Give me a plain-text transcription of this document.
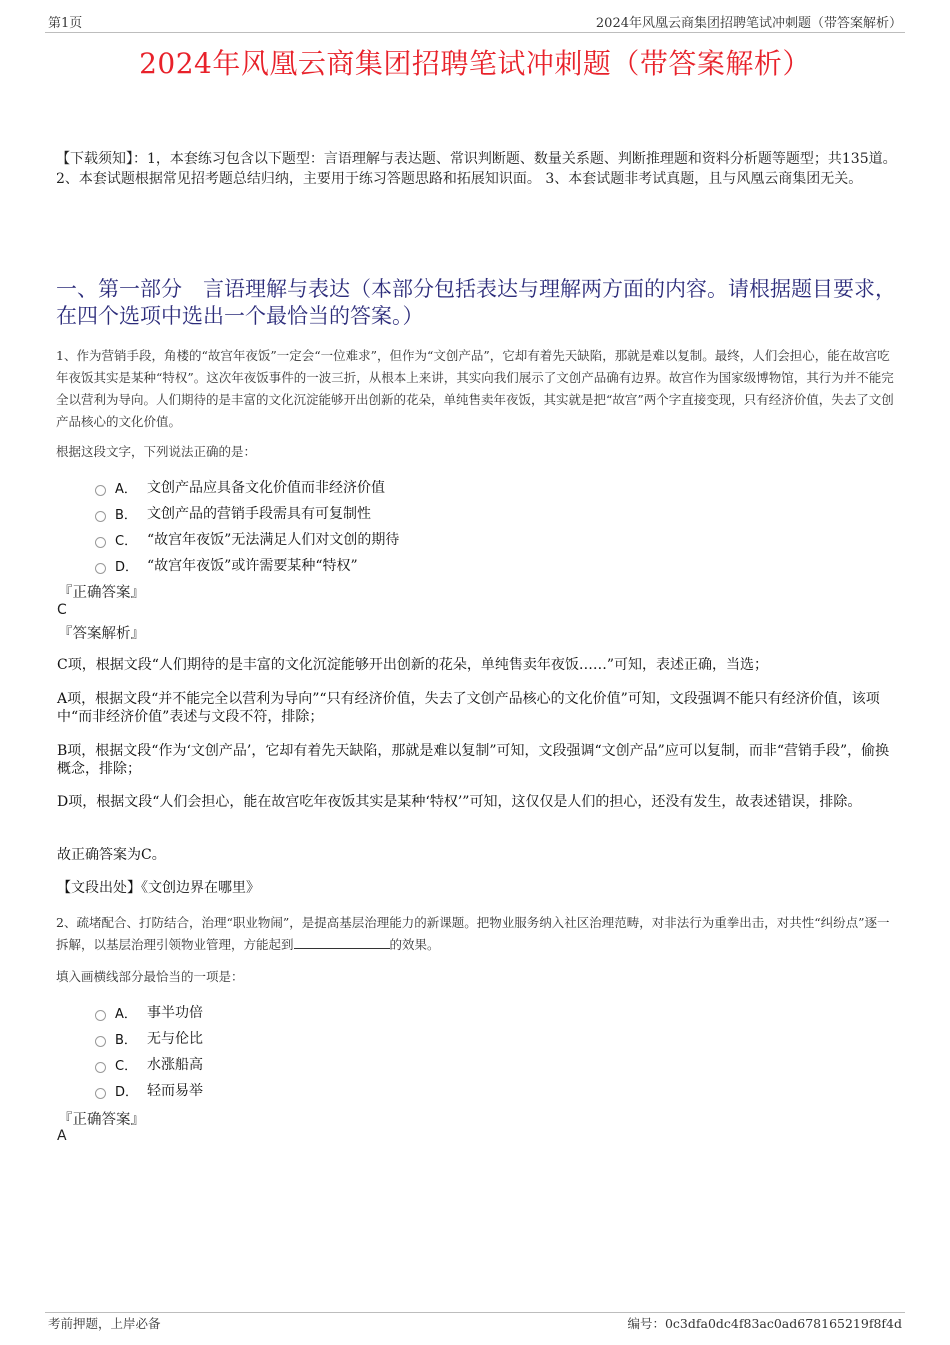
第1页	2024年风凰云商集团招聘笔试冲刺题（带答案解析）
2024年风凰云商集团招聘笔试冲刺题（带答案解析）
【下载须知】：1，本套练习包含以下题型：言语理解与表达题、常识判断题、数量关系题、判断推理题和资料分析题等题型；共135道。 2、本套试题根据常见招考题总结归纳，主要用于练习答题思路和拓展知识面。 3、本套试题非考试真题，且与风凰云商集团无关。
一、第一部分　言语理解与表达（本部分包括表达与理解两方面的内容。请根据题目要求，在四个选项中选出一个最恰当的答案。）
1、作为营销手段，角楼的“故宫年夜饭”一定会“一位难求”，但作为“文创产品”，它却有着先天缺陷，那就是难以复制。最终，人们会担心，能在故宫吃年夜饭其实是某种“特权”。这次年夜饭事件的一波三折，从根本上来讲，其实向我们展示了文创产品确有边界。故宫作为国家级博物馆，其行为并不能完全以营利为导向。人们期待的是丰富的文化沉淀能够开出创新的花朵，单纯售卖年夜饭，其实就是把“故宫”两个字直接变现，只有经济价值，失去了文创产品核心的文化价值。
根据这段文字，下列说法正确的是：
A． 文创产品应具备文化价值而非经济价值
B． 文创产品的营销手段需具有可复制性
C． “故宫年夜饭”无法满足人们对文创的期待
D． “故宫年夜饭”或许需要某种“特权”
『正确答案』
C
『答案解析』
C项，根据文段“人们期待的是丰富的文化沉淀能够开出创新的花朵，单纯售卖年夜饭……”可知，表述正确，当选；
A项，根据文段“并不能完全以营利为导向”“只有经济价值，失去了文创产品核心的文化价值”可知，文段强调不能只有经济价值，该项中“而非经济价值”表述与文段不符，排除；
B项，根据文段“作为‘文创产品’，它却有着先天缺陷，那就是难以复制”可知，文段强调“文创产品”应可以复制，而非“营销手段”，偷换概念，排除；
D项，根据文段“人们会担心，能在故宫吃年夜饭其实是某种‘特权’”可知，这仅仅是人们的担心，还没有发生，故表述错误，排除。
故正确答案为C。
【文段出处】《文创边界在哪里》
2、疏堵配合、打防结合，治理“职业物闹”，是提高基层治理能力的新课题。把物业服务纳入社区治理范畴，对非法行为重拳出击，对共性“纠纷点”逐一拆解，以基层治理引领物业管理，方能起到	的效果。
填入画横线部分最恰当的一项是：
A． 事半功倍
B． 无与伦比
C． 水涨船高
D． 轻而易举
『正确答案』
A
考前押题，上岸必备	编号：0c3dfa0dc4f83ac0ad678165219f8f4d
